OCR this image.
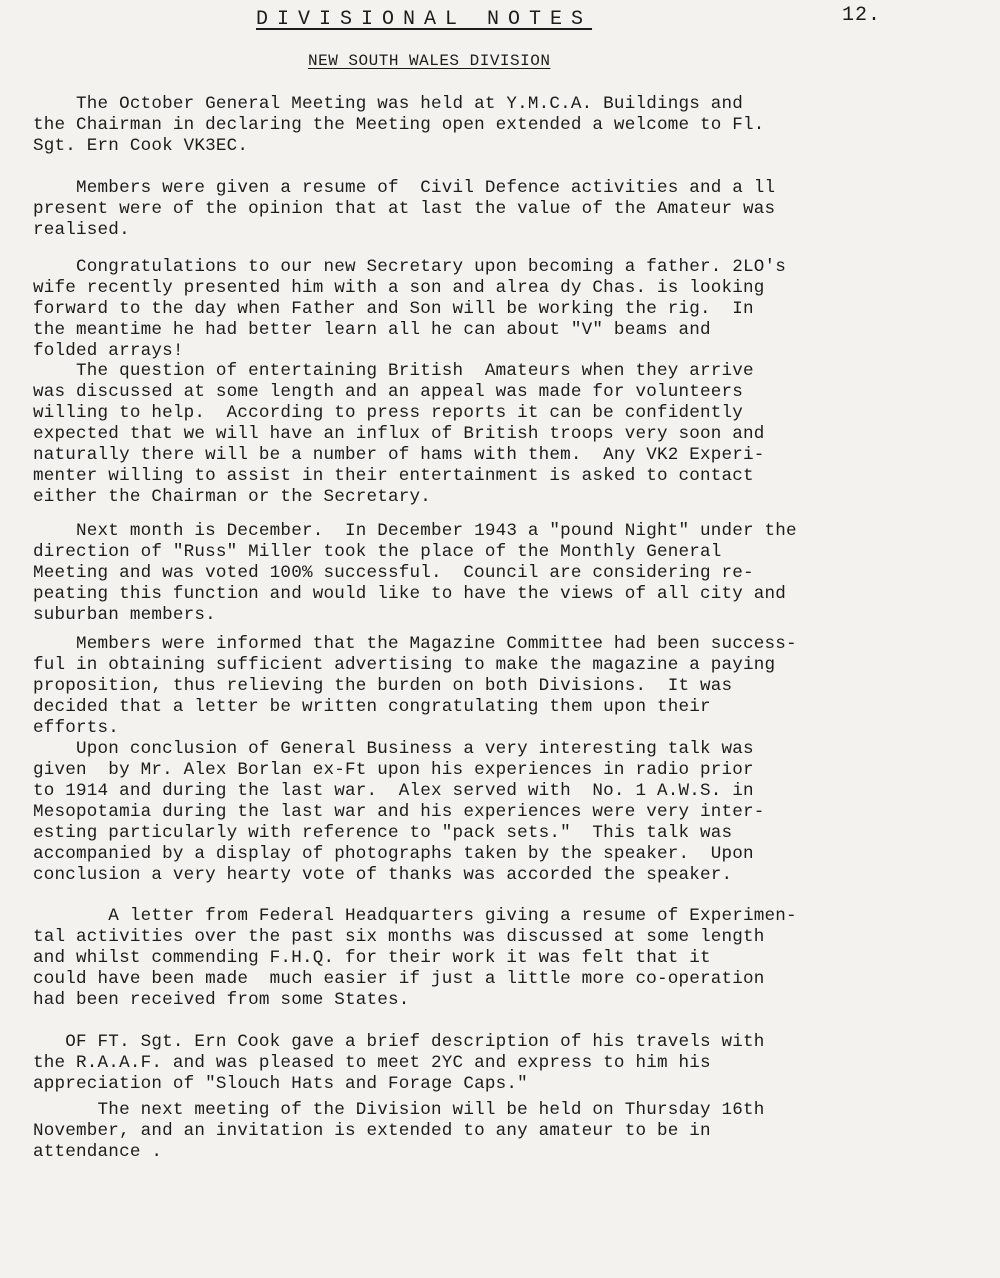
12.
DIVISIONAL NOTES
NEW SOUTH WALES DIVISION
The October General Meeting was held at Y.M.C.A. Buildings and
the Chairman in declaring the Meeting open extended a welcome to Fl.
Sgt. Ern Cook VK3EC.
Members were given a resume of  Civil Defence activities and a ll
present were of the opinion that at last the value of the Amateur was
realised.
Congratulations to our new Secretary upon becoming a father. 2LO's
wife recently presented him with a son and alrea dy Chas. is looking
forward to the day when Father and Son will be working the rig.  In
the meantime he had better learn all he can about "V" beams and
folded arrays!
The question of entertaining British  Amateurs when they arrive
was discussed at some length and an appeal was made for volunteers
willing to help.  According to press reports it can be confidently
expected that we will have an influx of British troops very soon and
naturally there will be a number of hams with them.  Any VK2 Experi-
menter willing to assist in their entertainment is asked to contact
either the Chairman or the Secretary.
Next month is December.  In December 1943 a "pound Night" under the
direction of "Russ" Miller took the place of the Monthly General
Meeting and was voted 100% successful.  Council are considering re-
peating this function and would like to have the views of all city and
suburban members.
Members were informed that the Magazine Committee had been success-
ful in obtaining sufficient advertising to make the magazine a paying
proposition, thus relieving the burden on both Divisions.  It was
decided that a letter be written congratulating them upon their
efforts.
Upon conclusion of General Business a very interesting talk was
given  by Mr. Alex Borlan ex-Ft upon his experiences in radio prior
to 1914 and during the last war.  Alex served with  No. 1 A.W.S. in
Mesopotamia during the last war and his experiences were very inter-
esting particularly with reference to "pack sets."  This talk was
accompanied by a display of photographs taken by the speaker.  Upon
conclusion a very hearty vote of thanks was accorded the speaker.
A letter from Federal Headquarters giving a resume of Experimen-
tal activities over the past six months was discussed at some length
and whilst commending F.H.Q. for their work it was felt that it
could have been made  much easier if just a little more co-operation
had been received from some States.
OF FT. Sgt. Ern Cook gave a brief description of his travels with
the R.A.A.F. and was pleased to meet 2YC and express to him his
appreciation of "Slouch Hats and Forage Caps."
The next meeting of the Division will be held on Thursday 16th
November, and an invitation is extended to any amateur to be in
attendance .
